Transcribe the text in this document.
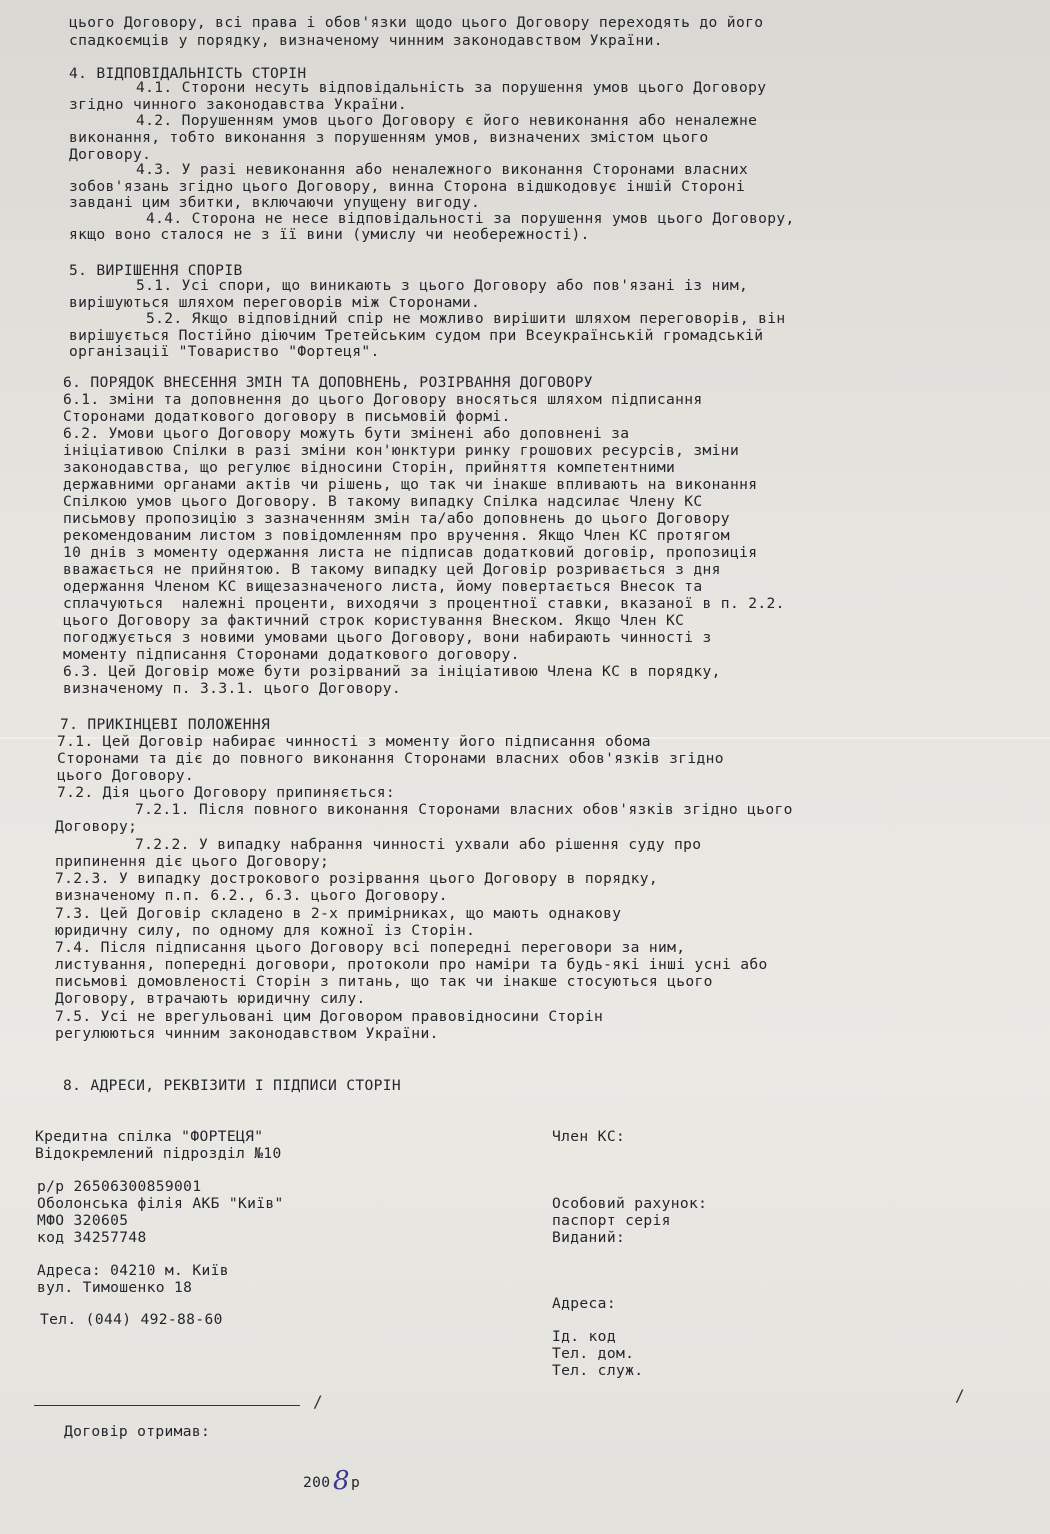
цього Договору, всі права і обов'язки щодо цього Договору переходять до його
спадкоємців у порядку, визначеному чинним законодавством України.
4. ВІДПОВІДАЛЬНІСТЬ СТОРІН
4.1. Сторони несуть відповідальність за порушення умов цього Договору
згідно чинного законодавства України.
4.2. Порушенням умов цього Договору є його невиконання або неналежне
виконання, тобто виконання з порушенням умов, визначених змістом цього
Договору.
4.3. У разі невиконання або неналежного виконання Сторонами власних
зобов'язань згідно цього Договору, винна Сторона відшкодовує іншій Стороні
завдані цим збитки, включаючи упущену вигоду.
4.4. Сторона не несе відповідальності за порушення умов цього Договору,
якщо воно сталося не з її вини (умислу чи необережності).
5. ВИРІШЕННЯ СПОРІВ
5.1. Усі спори, що виникають з цього Договору або пов'язані із ним,
вирішуються шляхом переговорів між Сторонами.
5.2. Якщо відповідний спір не можливо вирішити шляхом переговорів, він
вирішується Постійно діючим Третейським судом при Всеукраїнській громадській
організації "Товариство "Фортеця".
6. ПОРЯДОК ВНЕСЕННЯ ЗМІН ТА ДОПОВНЕНЬ, РОЗІРВАННЯ ДОГОВОРУ
6.1. зміни та доповнення до цього Договору вносяться шляхом підписання
Сторонами додаткового договору в письмовій формі.
6.2. Умови цього Договору можуть бути змінені або доповнені за
ініціативою Спілки в разі зміни кон'юнктури ринку грошових ресурсів, зміни
законодавства, що регулює відносини Сторін, прийняття компетентними
державними органами актів чи рішень, що так чи інакше впливають на виконання
Спілкою умов цього Договору. В такому випадку Спілка надсилає Члену КС
письмову пропозицію з зазначенням змін та/або доповнень до цього Договору
рекомендованим листом з повідомленням про вручення. Якщо Член КС протягом
10 днів з моменту одержання листа не підписав додатковий договір, пропозиція
вважається не прийнятою. В такому випадку цей Договір розривається з дня
одержання Членом КС вищезазначеного листа, йому повертається Внесок та
сплачуються  належні проценти, виходячи з процентної ставки, вказаної в п. 2.2.
цього Договору за фактичний строк користування Внеском. Якщо Член КС
погоджується з новими умовами цього Договору, вони набирають чинності з
моменту підписання Сторонами додаткового договору.
6.3. Цей Договір може бути розірваний за ініціативою Члена КС в порядку,
визначеному п. 3.3.1. цього Договору.
7. ПРИКІНЦЕВІ ПОЛОЖЕННЯ
7.1. Цей Договір набирає чинності з моменту його підписання обома
Сторонами та діє до повного виконання Сторонами власних обов'язків згідно
цього Договору.
7.2. Дія цього Договору припиняється:
7.2.1. Після повного виконання Сторонами власних обов'язків згідно цього
Договору;
7.2.2. У випадку набрання чинності ухвали або рішення суду про
припинення діє цього Договору;
7.2.3. У випадку дострокового розірвання цього Договору в порядку,
визначеному п.п. 6.2., 6.3. цього Договору.
7.3. Цей Договір складено в 2-х примірниках, що мають однакову
юридичну силу, по одному для кожної із Сторін.
7.4. Після підписання цього Договору всі попередні переговори за ним,
листування, попередні договори, протоколи про наміри та будь-які інші усні або
письмові домовленості Сторін з питань, що так чи інакше стосуються цього
Договору, втрачають юридичну силу.
7.5. Усі не врегульовані цим Договором правовідносини Сторін
регулюються чинним законодавством України.
8. АДРЕСИ, РЕКВІЗИТИ І ПІДПИСИ СТОРІН
Кредитна спілка "ФОРТЕЦЯ"
Відокремлений підрозділ №10
р/р 26506300859001
Оболонська філія АКБ "Київ"
МФО 320605
код 34257748
Адреса: 04210 м. Київ
вул. Тимошенко 18
Тел. (044) 492-88-60
Член КС:
Особовий рахунок:
паспорт серія
Виданий:
Адреса:
Ід. код
Тел. дом.
Тел. служ.
Договір отримав:
/	/
200 8 р
